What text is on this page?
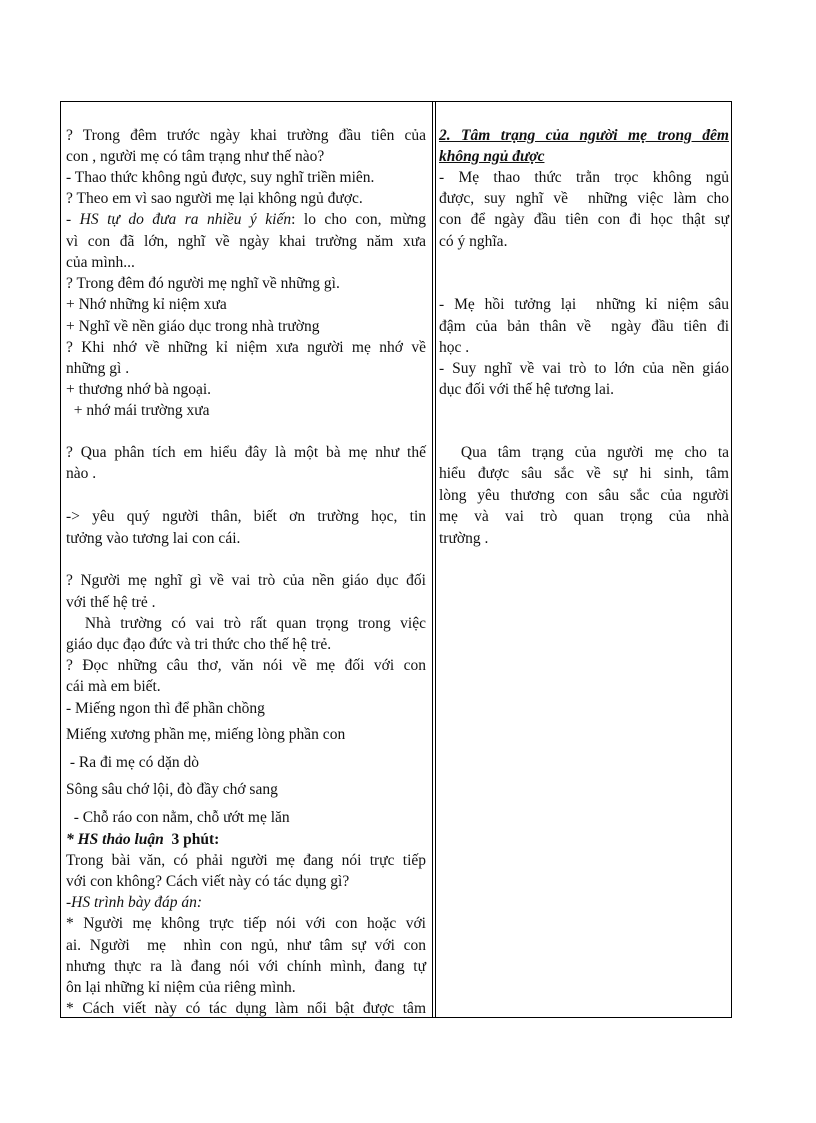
? Trong đêm trước ngày khai trường đầu tiên của
con , người mẹ có tâm trạng như thế nào?
- Thao thức không ngủ được, suy nghĩ triền miên.
? Theo em vì sao người mẹ lại không ngủ được.
- HS tự do đưa ra nhiều ý kiến: lo cho con, mừng
vì con đã lớn, nghĩ về ngày khai trường năm xưa
của mình...
? Trong đêm đó người mẹ nghĩ về những gì.
+ Nhớ những kỉ niệm xưa
+ Nghĩ về nền giáo dục trong nhà trường
? Khi nhớ về những kỉ niệm xưa người mẹ nhớ về
những gì .
+ thương nhớ bà ngoại.
+ nhớ mái trường xưa
? Qua phân tích em hiểu đây là một bà mẹ như thế
nào .
-> yêu quý người thân, biết ơn trường học, tin
tưởng vào tương lai con cái.
? Người mẹ nghĩ gì về vai trò của nền giáo dục đối
với thế hệ trẻ .
Nhà trường có vai trò rất quan trọng trong việc
giáo dục đạo đức và tri thức cho thế hệ trẻ.
? Đọc những câu thơ, văn nói về mẹ đối với con
cái mà em biết.
- Miếng ngon thì để phần chồng
Miếng xương phần mẹ, miếng lòng phần con
- Ra đi mẹ có dặn dò
Sông sâu chớ lội, đò đầy chớ sang
- Chỗ ráo con nằm, chỗ ướt mẹ lăn
* HS thảo luận  3 phút:
Trong bài văn, có phải người mẹ đang nói trực tiếp
với con không? Cách viết này có tác dụng gì?
-HS trình bày đáp án:
* Người mẹ không trực tiếp nói với con hoặc với
ai. Người  mẹ  nhìn con ngủ, như tâm sự với con
nhưng thực ra là đang nói với chính mình, đang tự
ôn lại những kỉ niệm của riêng mình.
* Cách viết này có tác dụng làm nổi bật được tâm
2. Tâm trạng của người mẹ trong đêm
không ngủ được
- Mẹ thao thức trằn trọc không ngủ
được, suy nghĩ về  những việc làm cho
con để ngày đầu tiên con đi học thật sự
có ý nghĩa.
- Mẹ hồi tưởng lại  những kỉ niệm sâu
đậm của bản thân về  ngày đầu tiên đi
học .
- Suy nghĩ về vai trò to lớn của nền giáo
dục đối với thế hệ tương lai.
Qua tâm trạng của người mẹ cho ta
hiểu được sâu sắc về sự hi sinh, tâm
lòng yêu thương con sâu sắc của người
mẹ và vai trò quan trọng của nhà
trường .
